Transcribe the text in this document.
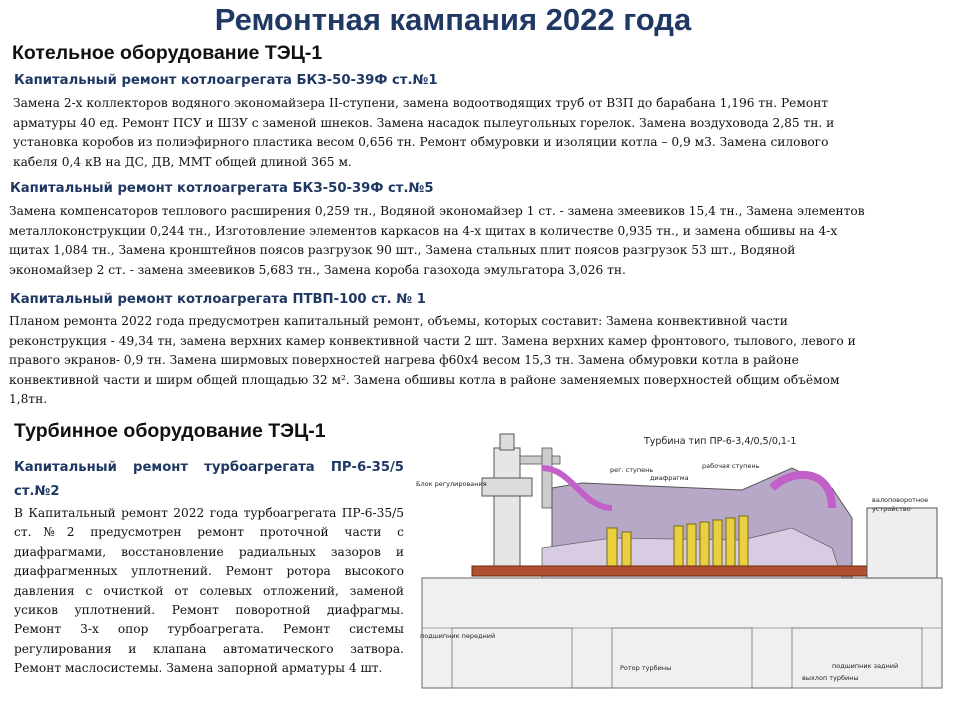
Ремонтная кампания 2022 года
Котельное оборудование ТЭЦ-1
Капитальный ремонт котлоагрегата БКЗ-50-39Ф ст.№1
Замена 2-х коллекторов водяного экономайзера II-ступени, замена водоотводящих труб от ВЗП до барабана 1,196 тн. Ремонт
арматуры 40 ед. Ремонт ПСУ и ШЗУ с заменой шнеков. Замена насадок пылеугольных горелок. Замена воздуховода 2,85 тн. и
установка коробов из полиэфирного пластика весом 0,656 тн. Ремонт обмуровки и изоляции котла – 0,9 м3. Замена силового
кабеля 0,4 кВ на ДС, ДВ, ММТ общей длиной 365 м.
Капитальный ремонт котлоагрегата БКЗ-50-39Ф ст.№5
Замена компенсаторов теплового расширения 0,259 тн., Водяной экономайзер 1 ст. - замена змеевиков 15,4 тн., Замена элементов
металлоконструкции 0,244 тн., Изготовление элементов каркасов на 4-х щитах в количестве 0,935 тн., и замена обшивы на 4-х
щитах 1,084 тн., Замена кронштейнов поясов разгрузок 90 шт., Замена стальных плит поясов разгрузок 53 шт., Водяной
экономайзер 2 ст. - замена змеевиков 5,683 тн., Замена короба газохода эмульгатора 3,026 тн.
Капитальный ремонт котлоагрегата ПТВП-100 ст. № 1
Планом ремонта 2022 года предусмотрен капитальный ремонт, объемы, которых составит: Замена конвективной части
реконструкция - 49,34 тн, замена верхних камер конвективной части 2 шт. Замена верхних камер фронтового, тылового, левого и
правого экранов- 0,9 тн. Замена ширмовых поверхностей нагрева ф60х4 весом 15,3 тн. Замена обмуровки котла в районе
конвективной части и ширм общей площадью 32 м². Замена обшивы котла в районе заменяемых поверхностей общим объёмом
1,8тн.
Турбинное оборудование ТЭЦ-1
Капитальный ремонт турбоагрегата ПР-6-35/5
ст.№2
В Капитальный ремонт 2022 года турбоагрегата ПР-6-35/5 ст.№2 предусмотрен ремонт проточной части с диафрагмами, восстановление радиальных зазоров и диафрагменных уплотнений. Ремонт ротора высокого давления с очисткой от солевых отложений, заменой усиков уплотнений. Ремонт поворотной диафрагмы. Ремонт 3-х опор турбоагрегата. Ремонт системы регулирования и клапана автоматического затвора. Ремонт маслосистемы. Замена запорной арматуры 4 шт.
Турбина тип ПР-6-3,4/0,5/0,1-1
рег. ступень	рабочая ступень
диафрагма
Блок регулирования
валоповоротное
устройство
подшипник передний
Ротор турбины	подшипник задний
выхлоп турбины
